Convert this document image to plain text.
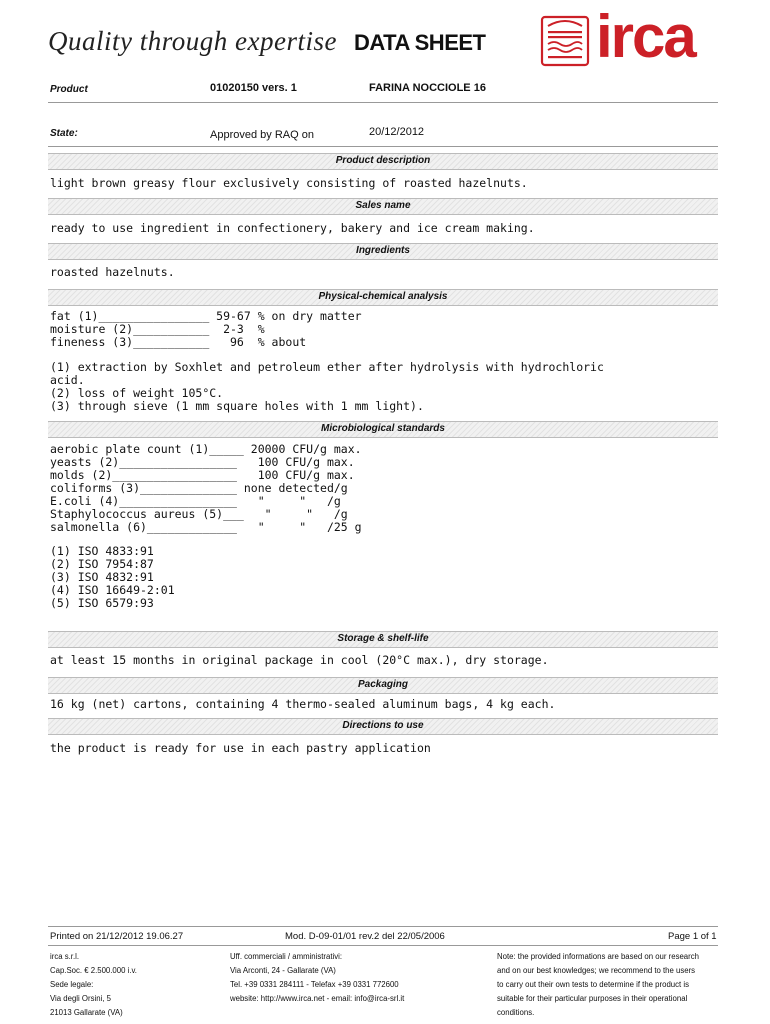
Quality through expertise DATA SHEET irca
Product	01020150 vers. 1	FARINA NOCCIOLE 16
State:	Approved by RAQ on	20/12/2012
Product description
light brown greasy flour exclusively consisting of roasted hazelnuts.
Sales name
ready to use ingredient in confectionery, bakery and ice cream making.
Ingredients
roasted hazelnuts.
Physical-chemical analysis
fat (1)________________ 59-67 % on dry matter
moisture (2)___________  2-3  %
fineness (3)___________   96  % about
(1) extraction by Soxhlet and petroleum ether after hydrolysis with hydrochloric
acid.
(2) loss of weight 105°C.
(3) through sieve (1 mm square holes with 1 mm light).
Microbiological standards
aerobic plate count (1)_____ 20000 CFU/g max.
yeasts (2)_________________   100 CFU/g max.
molds (2)__________________   100 CFU/g max.
coliforms (3)______________ none detected/g
E.coli (4)_________________   "     "   /g
Staphylococcus aureus (5)___   "     "   /g
salmonella (6)_____________   "     "   /25 g
(1) ISO 4833:91
(2) ISO 7954:87
(3) ISO 4832:91
(4) ISO 16649-2:01
(5) ISO 6579:93
Storage & shelf-life
at least 15 months in original package in cool (20°C max.), dry storage.
Packaging
16 kg (net) cartons, containing 4 thermo-sealed aluminum bags, 4 kg each.
Directions to use
the product is ready for use in each pastry application
Printed on 21/12/2012 19.06.27	Mod. D-09-01/01 rev.2 del 22/05/2006	Page 1 of 1
irca s.r.l.
Cap.Soc. € 2.500.000 i.v.
Sede legale:
Via degli Orsini, 5
21013 Gallarate (VA)
Uff. commerciali / amministrativi:
Via Arconti, 24 - Gallarate (VA)
Tel. +39 0331 284111 - Telefax +39 0331 772600
website: http://www.irca.net - email: info@irca-srl.it
Note: the provided informations are based on our research
and on our best knowledges; we recommend to the users
to carry out their own tests to determine if the product is
suitable for their particular purposes in their operational
conditions.
